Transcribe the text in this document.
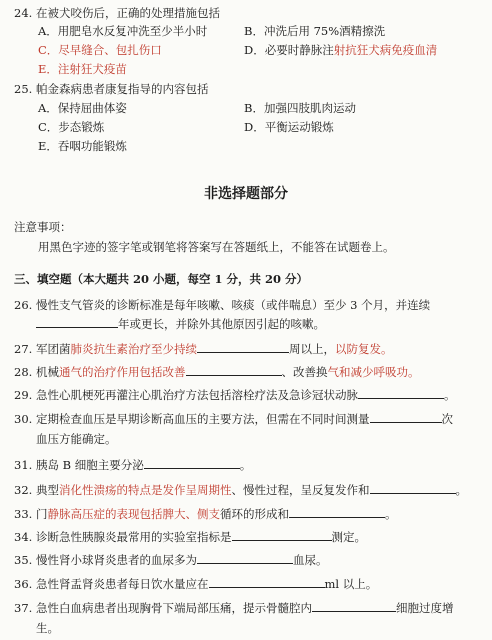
24. 在被犬咬伤后，正确的处理措施包括
A．用肥皂水反复冲洗至少半小时	B．冲洗后用 75%酒精擦洗
C．尽早缝合、包扎伤口	D．必要时静脉注射抗狂犬病免疫血清
E．注射狂犬疫苗
25. 帕金森病患者康复指导的内容包括
A．保持屈曲体姿	B．加强四肢肌肉运动
C．步态锻炼	D．平衡运动锻炼
E．吞咽功能锻炼
非选择题部分
注意事项：
用黑色字迹的签字笔或钢笔将答案写在答题纸上，不能答在试题卷上。
三、填空题（本大题共 20 小题，每空 1 分，共 20 分）
26. 慢性支气管炎的诊断标准是每年咳嗽、咳痰（或伴喘息）至少 3 个月，并连续
年或更长，并除外其他原因引起的咳嗽。
27. 军团菌肺炎抗生素治疗至少持续	周以上，以防复发。
28. 机械通气的治疗作用包括改善	、改善换气和减少呼吸功。
29. 急性心肌梗死再灌注心肌治疗方法包括溶栓疗法及急诊冠状动脉	。
30. 定期检查血压是早期诊断高血压的主要方法，但需在不同时间测量	次
血压方能确定。
31. 胰岛 B 细胞主要分泌	。
32. 典型消化性溃疡的特点是发作呈周期性、慢性过程，呈反复发作和	。
33. 门静脉高压症的表现包括脾大、侧支循环的形成和	。
34. 诊断急性胰腺炎最常用的实验室指标是	测定。
35. 慢性肾小球肾炎患者的血尿多为	血尿。
36. 急性肾盂肾炎患者每日饮水量应在	ml 以上。
37. 急性白血病患者出现胸骨下端局部压痛，提示骨髓腔内	细胞过度增
生。
